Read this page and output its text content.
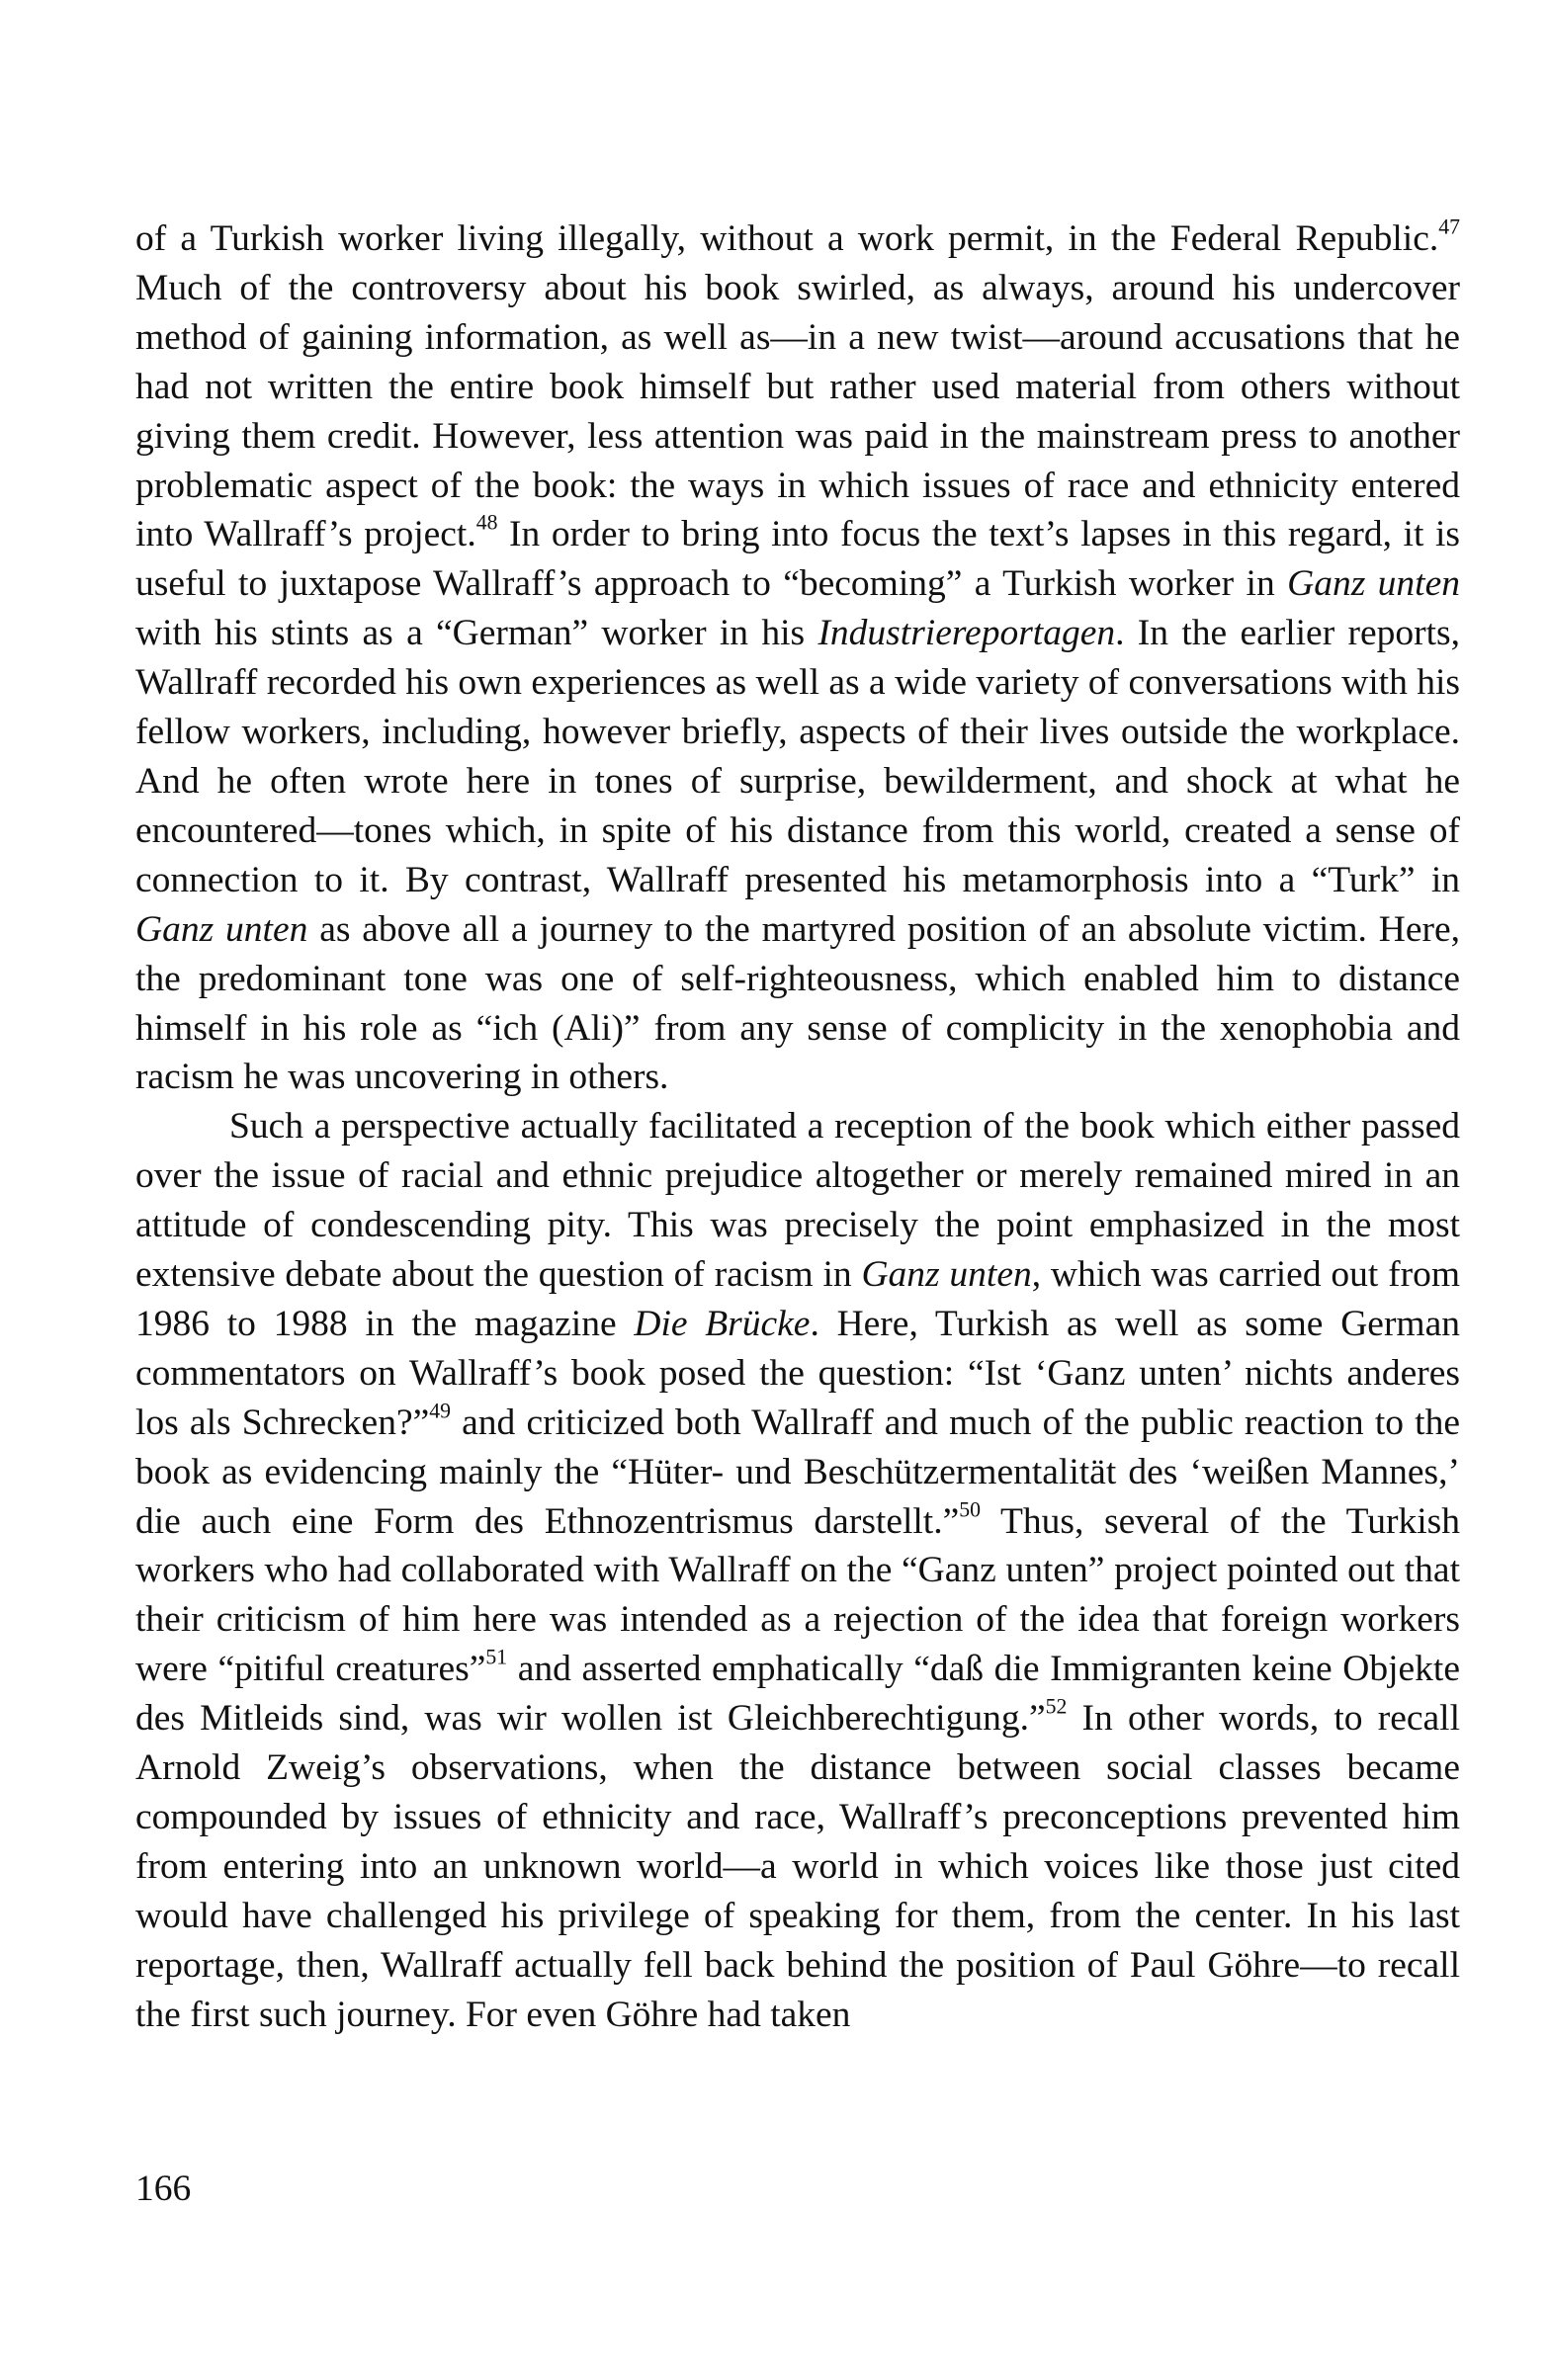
of a Turkish worker living illegally, without a work permit, in the Federal Republic.$^{47}$ Much of the controversy about his book swirled, as always, around his undercover method of gaining information, as well as—in a new twist—around accusations that he had not written the entire book himself but rather used material from others without giving them credit. However, less attention was paid in the mainstream press to another problematic aspect of the book: the ways in which issues of race and ethnicity entered into Wallraff’s project.$^{48}$ In order to bring into focus the text’s lapses in this regard, it is useful to juxtapose Wallraff’s approach to “becoming” a Turkish worker in Ganz unten with his stints as a “German” worker in his Industriereportagen. In the earlier reports, Wallraff recorded his own experiences as well as a wide variety of conversations with his fellow workers, including, however briefly, aspects of their lives outside the workplace. And he often wrote here in tones of surprise, bewilderment, and shock at what he encountered—tones which, in spite of his distance from this world, created a sense of connection to it. By contrast, Wallraff presented his metamorphosis into a “Turk” in Ganz unten as above all a journey to the martyred position of an absolute victim. Here, the predominant tone was one of self-righteousness, which enabled him to distance himself in his role as “ich (Ali)” from any sense of complicity in the xenophobia and racism he was uncovering in others.

Such a perspective actually facilitated a reception of the book which either passed over the issue of racial and ethnic prejudice altogether or merely remained mired in an attitude of condescending pity. This was precisely the point emphasized in the most extensive debate about the question of racism in Ganz unten, which was carried out from 1986 to 1988 in the magazine Die Brücke. Here, Turkish as well as some German commentators on Wallraff’s book posed the question: “Ist ‘Ganz unten’ nichts anderes los als Schrecken?”$^{49}$ and criticized both Wallraff and much of the public reaction to the book as evidencing mainly the “Hüter- und Beschützermentalität des ‘weißen Mannes,’ die auch eine Form des Ethnozentrismus darstellt.”$^{50}$ Thus, several of the Turkish workers who had collaborated with Wallraff on the “Ganz unten” project pointed out that their criticism of him here was intended as a rejection of the idea that foreign workers were “pitiful creatures”$^{51}$ and asserted emphatically “daß die Immigranten keine Objekte des Mitleids sind, was wir wollen ist Gleichberechtigung.”$^{52}$ In other words, to recall Arnold Zweig’s observations, when the distance between social classes became compounded by issues of ethnicity and race, Wallraff’s preconceptions prevented him from entering into an unknown world—a world in which voices like those just cited would have challenged his privilege of speaking for them, from the center. In his last reportage, then, Wallraff actually fell back behind the position of Paul Göhre—to recall the first such journey. For even Göhre had taken

166
